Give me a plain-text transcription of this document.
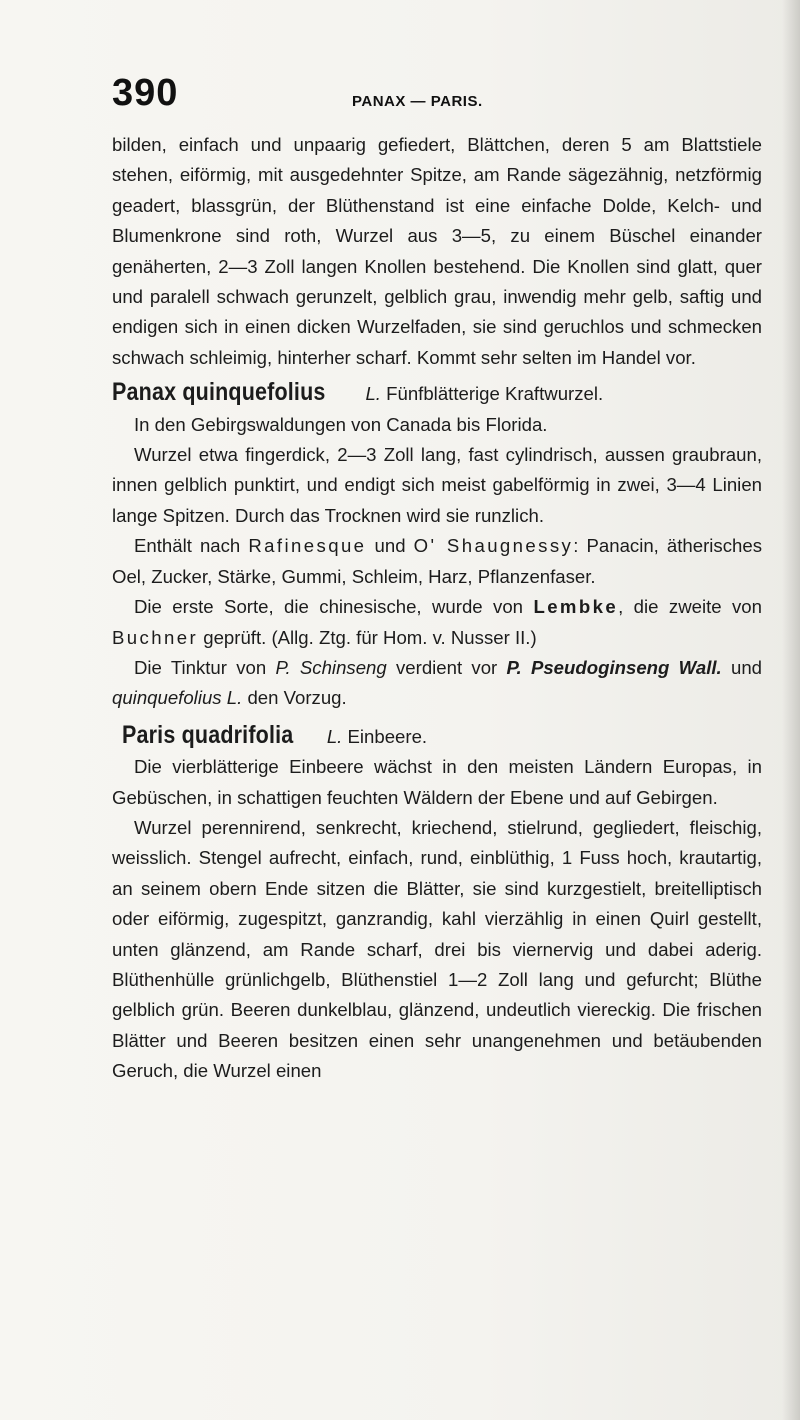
390	PANAX — PARIS.

bilden, einfach und unpaarig gefiedert, Blättchen, deren 5 am Blattstiele stehen, eiförmig, mit ausgedehnter Spitze, am Rande sägezähnig, netzförmig geadert, blassgrün, der Blüthenstand ist eine einfache Dolde, Kelch- und Blumenkrone sind roth, Wurzel aus 3—5, zu einem Büschel einander genäherten, 2—3 Zoll langen Knollen bestehend. Die Knollen sind glatt, quer und paralell schwach gerunzelt, gelblich grau, inwendig mehr gelb, saftig und endigen sich in einen dicken Wurzelfaden, sie sind geruchlos und schmecken schwach schleimig, hinterher scharf. Kommt sehr selten im Handel vor.

Panax quinquefolius L. Fünfblätterige Kraftwurzel.

In den Gebirgswaldungen von Canada bis Florida.

Wurzel etwa fingerdick, 2—3 Zoll lang, fast cylindrisch, aussen graubraun, innen gelblich punktirt, und endigt sich meist gabelförmig in zwei, 3—4 Linien lange Spitzen. Durch das Trocknen wird sie runzlich.

Enthält nach Rafinesque und O' Shaugnessy: Panacin, ätherisches Oel, Zucker, Stärke, Gummi, Schleim, Harz, Pflanzenfaser.

Die erste Sorte, die chinesische, wurde von Lembke, die zweite von Buchner geprüft. (Allg. Ztg. für Hom. v. Nusser II.)

Die Tinktur von P. Schinseng verdient vor P. Pseudoginseng Wall. und quinquefolius L. den Vorzug.

Paris quadrifolia L. Einbeere.

Die vierblätterige Einbeere wächst in den meisten Ländern Europas, in Gebüschen, in schattigen feuchten Wäldern der Ebene und auf Gebirgen.

Wurzel perennirend, senkrecht, kriechend, stielrund, gegliedert, fleischig, weisslich. Stengel aufrecht, einfach, rund, einblüthig, 1 Fuss hoch, krautartig, an seinem obern Ende sitzen die Blätter, sie sind kurzgestielt, breitelliptisch oder eiförmig, zugespitzt, ganzrandig, kahl vierzählig in einen Quirl gestellt, unten glänzend, am Rande scharf, drei bis viernervig und dabei aderig. Blüthenhülle grünlichgelb, Blüthenstiel 1—2 Zoll lang und gefurcht; Blüthe gelblich grün. Beeren dunkelblau, glänzend, undeutlich viereckig. Die frischen Blätter und Beeren besitzen einen sehr unangenehmen und betäubenden Geruch, die Wurzel einen
